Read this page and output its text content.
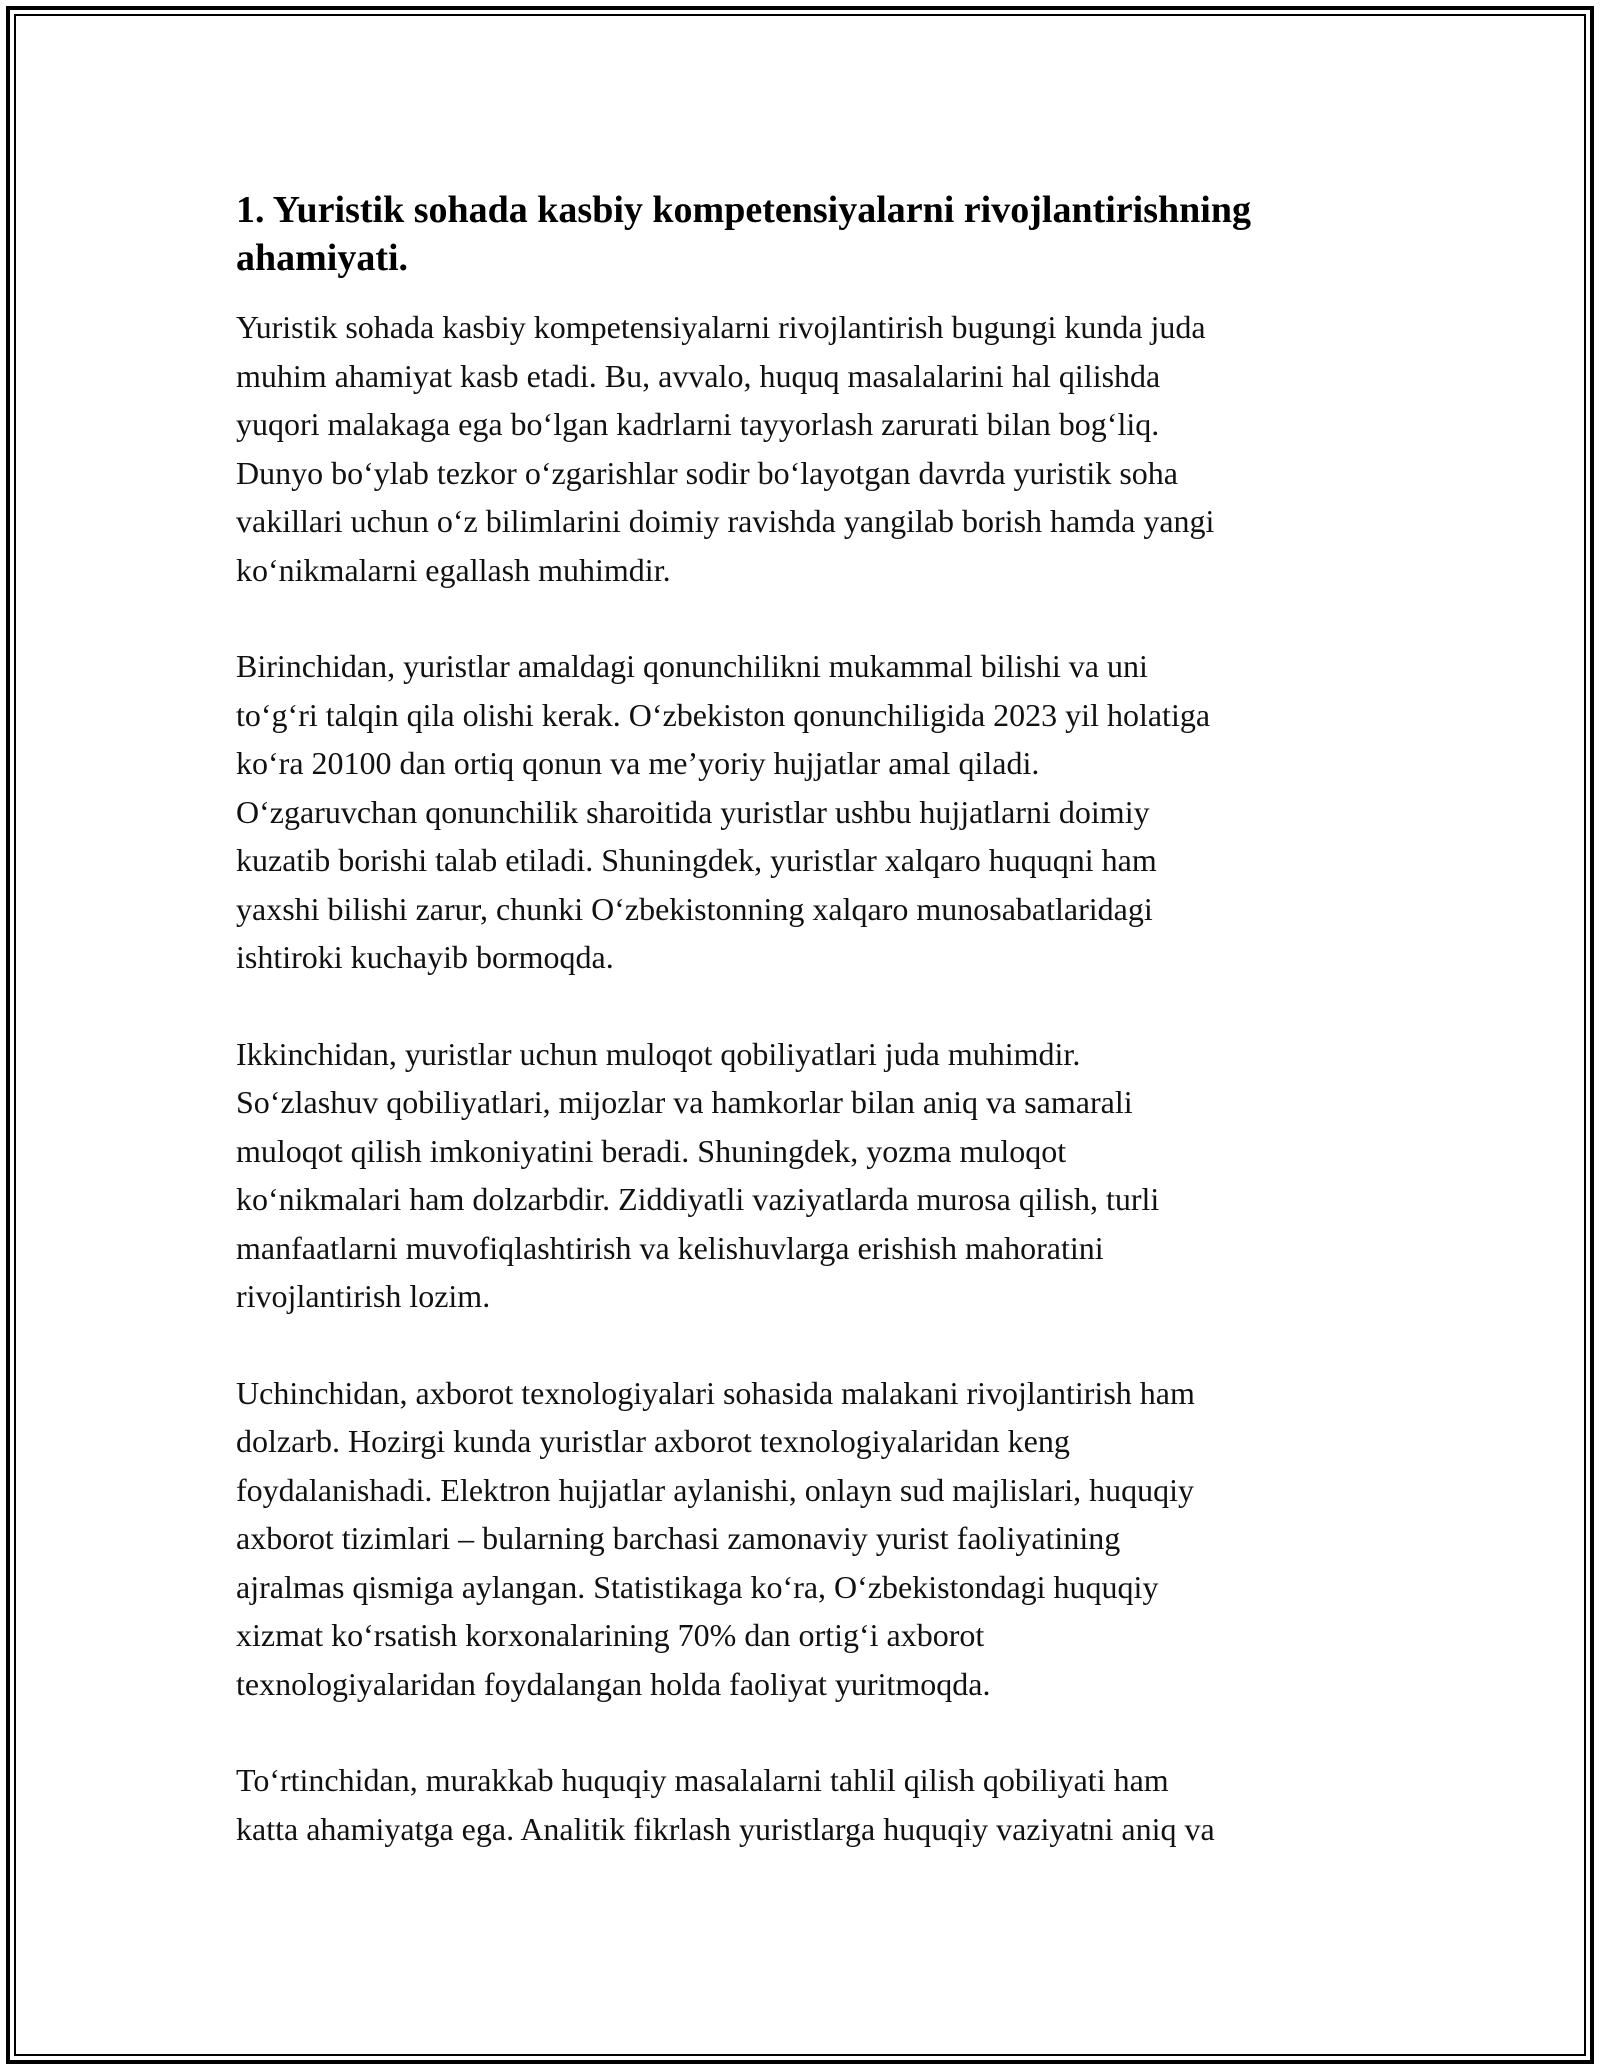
1. Yuristik sohada kasbiy kompetensiyalarni rivojlantirishning
ahamiyati.

Yuristik sohada kasbiy kompetensiyalarni rivojlantirish bugungi kunda juda
muhim ahamiyat kasb etadi. Bu, avvalo, huquq masalalarini hal qilishda
yuqori malakaga ega bo‘lgan kadrlarni tayyorlash zarurati bilan bog‘liq.
Dunyo bo‘ylab tezkor o‘zgarishlar sodir bo‘layotgan davrda yuristik soha
vakillari uchun o‘z bilimlarini doimiy ravishda yangilab borish hamda yangi
ko‘nikmalarni egallash muhimdir.

Birinchidan, yuristlar amaldagi qonunchilikni mukammal bilishi va uni
to‘g‘ri talqin qila olishi kerak. O‘zbekiston qonunchiligida 2023 yil holatiga
ko‘ra 20100 dan ortiq qonun va me’yoriy hujjatlar amal qiladi.
O‘zgaruvchan qonunchilik sharoitida yuristlar ushbu hujjatlarni doimiy
kuzatib borishi talab etiladi. Shuningdek, yuristlar xalqaro huquqni ham
yaxshi bilishi zarur, chunki O‘zbekistonning xalqaro munosabatlaridagi
ishtiroki kuchayib bormoqda.

Ikkinchidan, yuristlar uchun muloqot qobiliyatlari juda muhimdir.
So‘zlashuv qobiliyatlari, mijozlar va hamkorlar bilan aniq va samarali
muloqot qilish imkoniyatini beradi. Shuningdek, yozma muloqot
ko‘nikmalari ham dolzarbdir. Ziddiyatli vaziyatlarda murosa qilish, turli
manfaatlarni muvofiqlashtirish va kelishuvlarga erishish mahoratini
rivojlantirish lozim.

Uchinchidan, axborot texnologiyalari sohasida malakani rivojlantirish ham
dolzarb. Hozirgi kunda yuristlar axborot texnologiyalaridan keng
foydalanishadi. Elektron hujjatlar aylanishi, onlayn sud majlislari, huquqiy
axborot tizimlari – bularning barchasi zamonaviy yurist faoliyatining
ajralmas qismiga aylangan. Statistikaga ko‘ra, O‘zbekistondagi huquqiy
xizmat ko‘rsatish korxonalarining 70% dan ortig‘i axborot
texnologiyalaridan foydalangan holda faoliyat yuritmoqda.

To‘rtinchidan, murakkab huquqiy masalalarni tahlil qilish qobiliyati ham
katta ahamiyatga ega. Analitik fikrlash yuristlarga huquqiy vaziyatni aniq va
